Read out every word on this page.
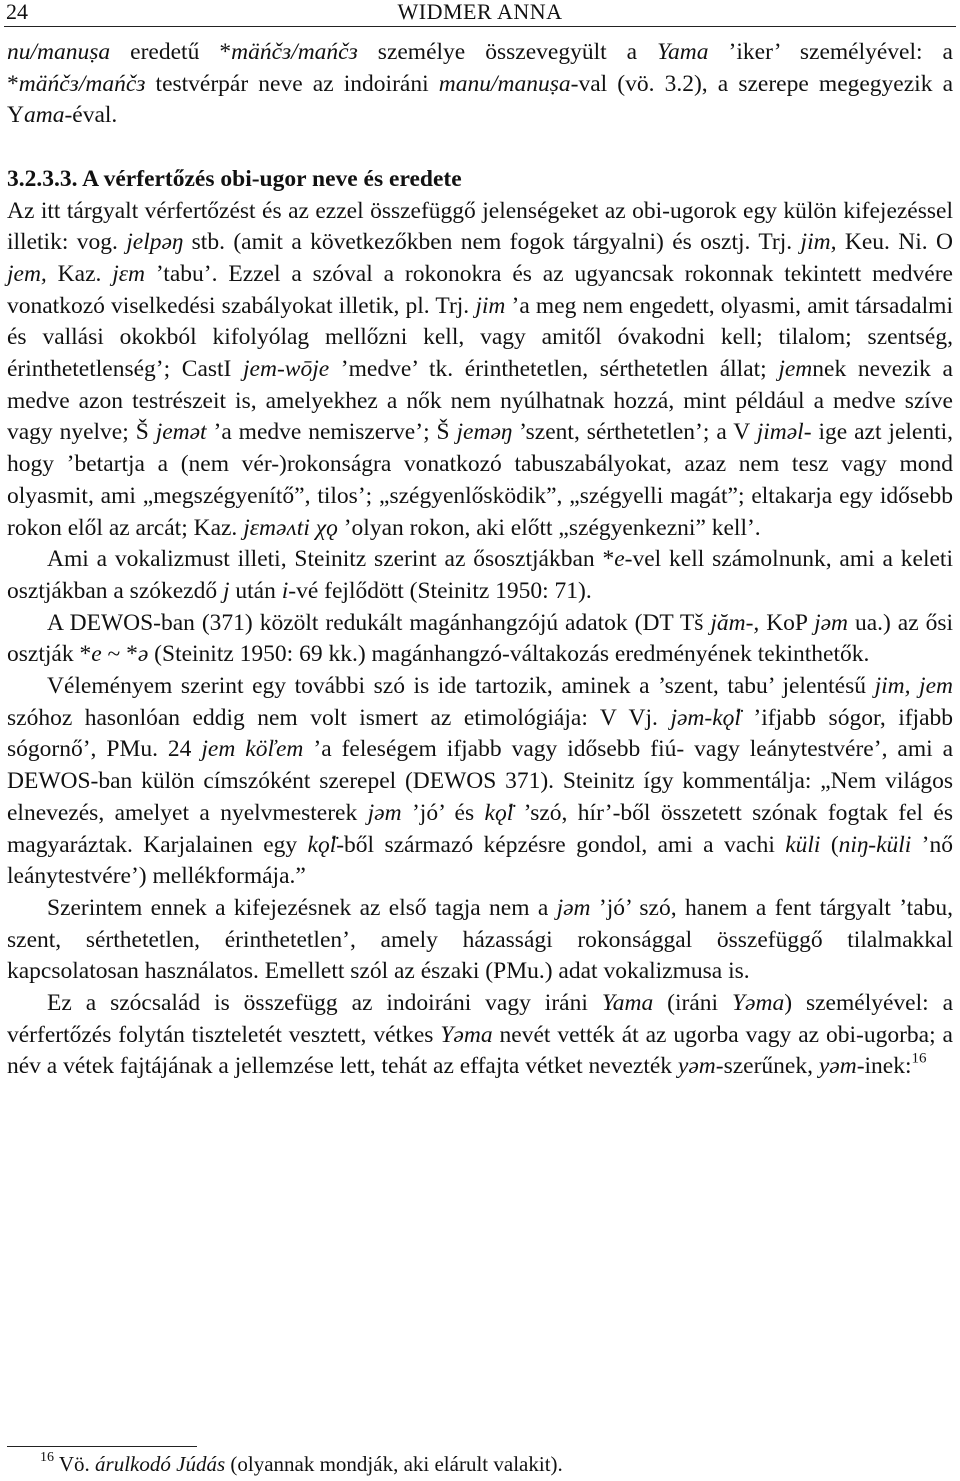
24	WIDMER ANNA

nu/manuṣa eredetű *mäńčз/mańčз személye összevegyült a Yama ’iker’ személyével: a *mäńčз/mańčз testvérpár neve az indoiráni manu/manuṣa-val (vö. 3.2), a szerepe megegyezik a Yama-éval.

3.2.3.3. A vérfertőzés obi-ugor neve és eredete

Az itt tárgyalt vérfertőzést és az ezzel összefüggő jelenségeket az obi-ugorok egy külön kifejezéssel illetik: vog. jelpəŋ stb. (amit a következőkben nem fogok tárgyalni) és osztj. Trj. jim, Keu. Ni. O jem, Kaz. jεm ’tabu’. Ezzel a szóval a rokonokra és az ugyancsak rokonnak tekintett medvére vonatkozó viselkedési szabályokat illetik, pl. Trj. jim ’a meg nem engedett, olyasmi, amit társadalmi és vallási okokból kifolyólag mellőzni kell, vagy amitől óvakodni kell; tilalom; szentség, érinthetetlenség’; CastI jem-wōje ’medve’ tk. érinthetetlen, sérthetetlen állat; jemnek nevezik a medve azon testrészeit is, amelyekhez a nők nem nyúlhatnak hozzá, mint például a medve szíve vagy nyelve; Š jemət ’a medve nemiszerve’; Š jeməŋ ’szent, sérthetetlen’; a V jiməl- ige azt jelenti, hogy ’betartja a (nem vér-)rokonságra vonatkozó tabuszabályokat, azaz nem tesz vagy mond olyasmit, ami „megszégyenítő”, tilos’; „szégyenlősködik”, „szégyelli magát”; eltakarja egy idősebb rokon elől az arcát; Kaz. jεməʌti χǫ ’olyan rokon, aki előtt „szégyenkezni” kell’.

Ami a vokalizmust illeti, Steinitz szerint az ősosztjákban *e-vel kell számolnunk, ami a keleti osztjákban a szókezdő j után i-vé fejlődött (Steinitz 1950: 71).

A DEWOS-ban (371) közölt redukált magánhangzójú adatok (DT Tš jăm-, KoP jəm ua.) az ősi osztják *e ~ *ə (Steinitz 1950: 69 kk.) magánhangzó-váltakozás eredményének tekinthetők.

Véleményem szerint egy további szó is ide tartozik, aminek a ’szent, tabu’ jelentésű jim, jem szóhoz hasonlóan eddig nem volt ismert az etimológiája: V Vj. jəm-kǫ̈l ’ifjabb sógor, ifjabb sógornő’, PMu. 24 jem köľem ’a feleségem ifjabb vagy idősebb fiú- vagy leánytestvére’, ami a DEWOS-ban külön címszóként szerepel (DEWOS 371). Steinitz így kommentálja: „Nem világos elnevezés, amelyet a nyelvmesterek jəm ’jó’ és kǫ̈l ’szó, hír’-ből összetett szónak fogtak fel és magyaráztak. Karjalainen egy kǫ̈l-ből származó képzésre gondol, ami a vachi küli (niŋ-küli ’nő leánytestvére’) mellékformája.”

Szerintem ennek a kifejezésnek az első tagja nem a jəm ’jó’ szó, hanem a fent tárgyalt ’tabu, szent, sérthetetlen, érinthetetlen’, amely házassági rokonsággal összefüggő tilalmakkal kapcsolatosan használatos. Emellett szól az északi (PMu.) adat vokalizmusa is.

Ez a szócsalád is összefügg az indoiráni vagy iráni Yama (iráni Yəma) személyével: a vérfertőzés folytán tiszteletét vesztett, vétkes Yəma nevét vették át az ugorba vagy az obi-ugorba; a név a vétek fajtájának a jellemzése lett, tehát az effajta vétket nevezték yəm-szerűnek, yəm-inek:$^{16}$

$^{16}$ Vö. árulkodó Júdás (olyannak mondják, aki elárult valakit).
